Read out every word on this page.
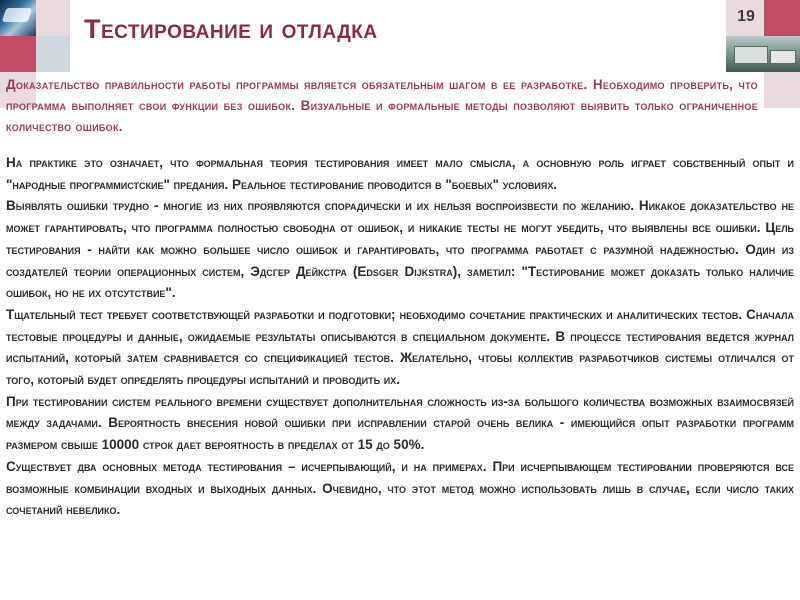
Тестирование и отладка	19

Доказательство правильности работы программы является обязательным шагом в ее разработке. Необходимо проверить, что программа выполняет свои функции без ошибок. Визуальные и формальные методы позволяют выявить только ограниченное количество ошибок.

На практике это означает, что формальная теория тестирования имеет мало смысла, а основную роль играет собственный опыт и "народные программистские" предания. Реальное тестирование проводится в "боевых" условиях.

Выявлять ошибки трудно - многие из них проявляются спорадически и их нельзя воспроизвести по желанию. Никакое доказательство не может гарантировать, что программа полностью свободна от ошибок, и никакие тесты не могут убедить, что выявлены все ошибки. Цель тестирования - найти как можно большее число ошибок и гарантировать, что программа работает с разумной надежностью. Один из создателей теории операционных систем, Эдсгер Дейкстра (Edsger Dijkstra), заметил: "Тестирование может доказать только наличие ошибок, но не их отсутствие".

Тщательный тест требует соответствующей разработки и подготовки; необходимо сочетание практических и аналитических тестов. Сначала тестовые процедуры и данные, ожидаемые результаты описываются в специальном документе. В процессе тестирования ведется журнал испытаний, который затем сравнивается со спецификацией тестов. Желательно, чтобы коллектив разработчиков системы отличался от того, который будет определять процедуры испытаний и проводить их.

При тестировании систем реального времени существует дополнительная сложность из-за большого количества возможных взаимосвязей между задачами. Вероятность внесения новой ошибки при исправлении старой очень велика - имеющийся опыт разработки программ размером свыше 10000 строк дает вероятность в пределах от 15 до 50%.

Существует два основных метода тестирования – исчерпывающий, и на примерах. При исчерпывающем тестировании проверяются все возможные комбинации входных и выходных данных. Очевидно, что этот метод можно использовать лишь в случае, если число таких сочетаний невелико.
